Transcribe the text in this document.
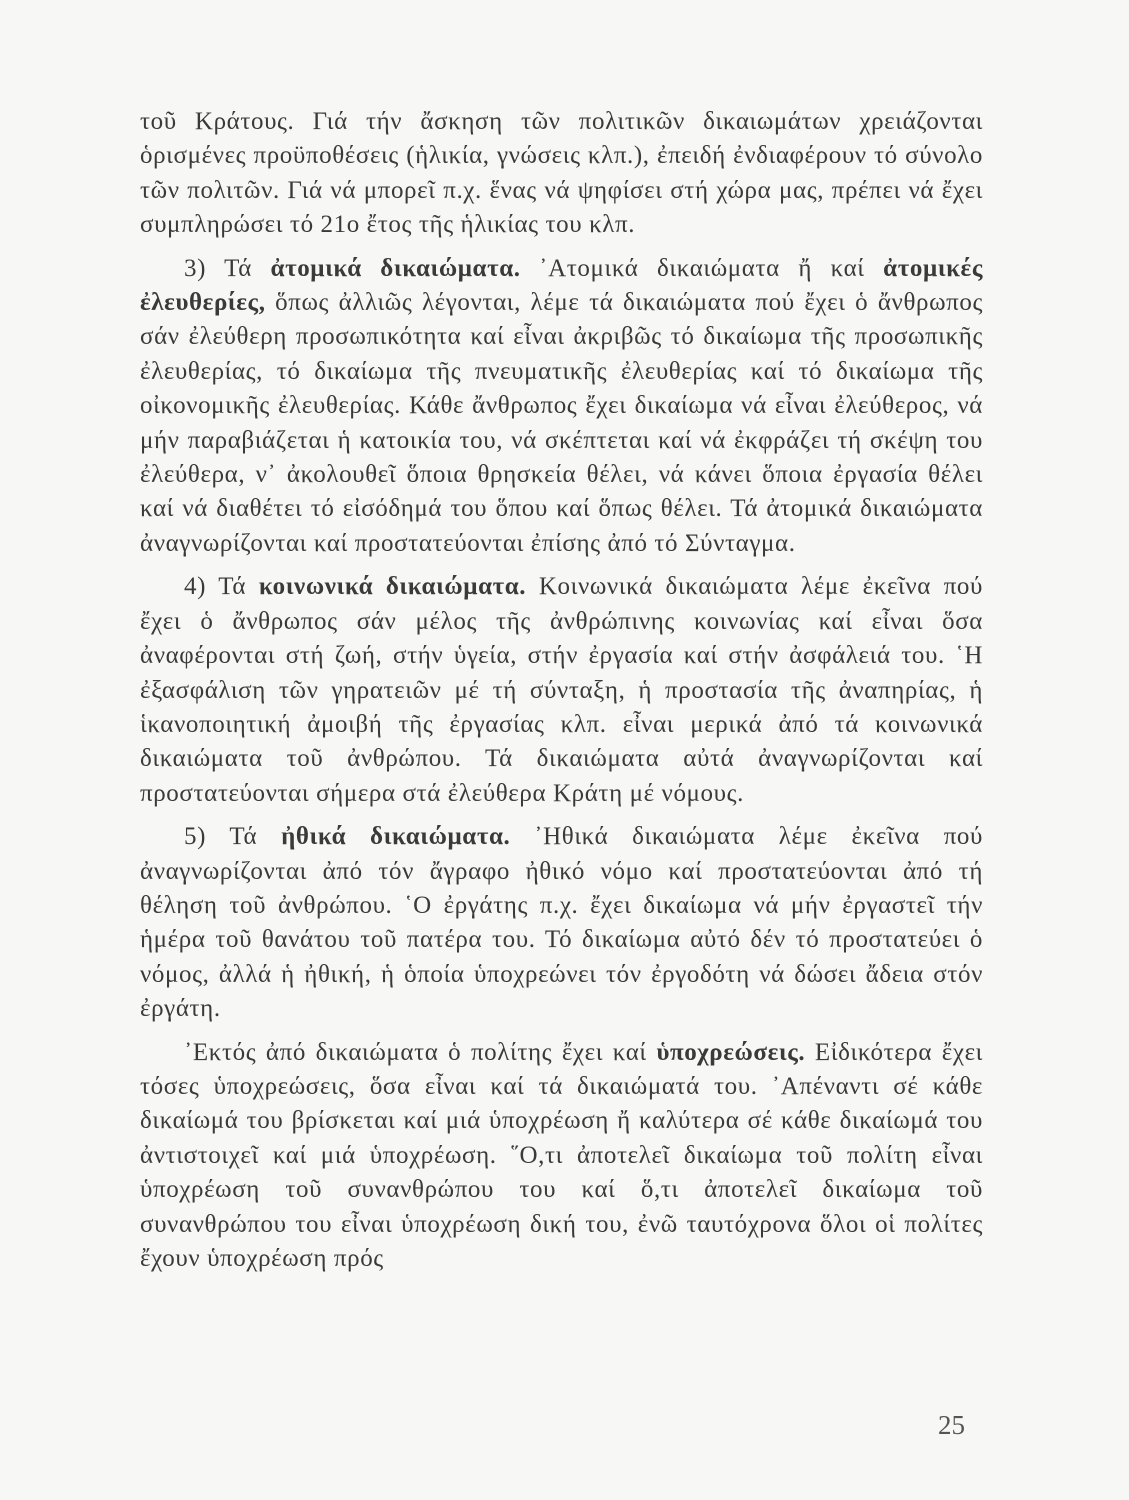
τοῦ Κράτους. Γιά τήν ἄσκηση τῶν πολιτικῶν δικαιωμάτων χρειάζονται ὁρισμένες προϋποθέσεις (ἡλικία, γνώσεις κλπ.), ἐπειδή ἐνδιαφέρουν τό σύνολο τῶν πολιτῶν. Γιά νά μπορεῖ π.χ. ἕνας νά ψηφίσει στή χώρα μας, πρέπει νά ἔχει συμπληρώσει τό 21ο ἔτος τῆς ἡλικίας του κλπ.

3) Τά ἀτομικά δικαιώματα. ᾿Ατομικά δικαιώματα ἤ καί ἀτομικές ἐλευθερίες, ὅπως ἀλλιῶς λέγονται, λέμε τά δικαιώματα πού ἔχει ὁ ἄνθρωπος σάν ἐλεύθερη προσωπικότητα καί εἶναι ἀκριβῶς τό δικαίωμα τῆς προσωπικῆς ἐλευθερίας, τό δικαίωμα τῆς πνευματικῆς ἐλευθερίας καί τό δικαίωμα τῆς οἰκονομικῆς ἐλευθερίας. Κάθε ἄνθρωπος ἔχει δικαίωμα νά εἶναι ἐλεύθερος, νά μήν παραβιάζεται ἡ κατοικία του, νά σκέπτεται καί νά ἐκφράζει τή σκέψη του ἐλεύθερα, ν᾿ ἀκολουθεῖ ὅποια θρησκεία θέλει, νά κάνει ὅποια ἐργασία θέλει καί νά διαθέτει τό εἰσόδημά του ὅπου καί ὅπως θέλει. Τά ἀτομικά δικαιώματα ἀναγνωρίζονται καί προστατεύονται ἐπίσης ἀπό τό Σύνταγμα.

4) Τά κοινωνικά δικαιώματα. Κοινωνικά δικαιώματα λέμε ἐκεῖνα πού ἔχει ὁ ἄνθρωπος σάν μέλος τῆς ἀνθρώπινης κοινωνίας καί εἶναι ὅσα ἀναφέρονται στή ζωή, στήν ὑγεία, στήν ἐργασία καί στήν ἀσφάλειά του. ῾Η ἐξασφάλιση τῶν γηρατειῶν μέ τή σύνταξη, ἡ προστασία τῆς ἀναπηρίας, ἡ ἱκανοποιητική ἀμοιβή τῆς ἐργασίας κλπ. εἶναι μερικά ἀπό τά κοινωνικά δικαιώματα τοῦ ἀνθρώπου. Τά δικαιώματα αὐτά ἀναγνωρίζονται καί προστατεύονται σήμερα στά ἐλεύθερα Κράτη μέ νόμους.

5) Τά ἠθικά δικαιώματα. ᾿Ηθικά δικαιώματα λέμε ἐκεῖνα πού ἀναγνωρίζονται ἀπό τόν ἄγραφο ἠθικό νόμο καί προστατεύονται ἀπό τή θέληση τοῦ ἀνθρώπου. ῾Ο ἐργάτης π.χ. ἔχει δικαίωμα νά μήν ἐργαστεῖ τήν ἡμέρα τοῦ θανάτου τοῦ πατέρα του. Τό δικαίωμα αὐτό δέν τό προστατεύει ὁ νόμος, ἀλλά ἡ ἠθική, ἡ ὁποία ὑποχρεώνει τόν ἐργοδότη νά δώσει ἄδεια στόν ἐργάτη.

᾿Εκτός ἀπό δικαιώματα ὁ πολίτης ἔχει καί ὑποχρεώσεις. Εἰδικότερα ἔχει τόσες ὑποχρεώσεις, ὅσα εἶναι καί τά δικαιώματά του. ᾿Απέναντι σέ κάθε δικαίωμά του βρίσκεται καί μιά ὑποχρέωση ἤ καλύτερα σέ κάθε δικαίωμά του ἀντιστοιχεῖ καί μιά ὑποχρέωση. ῞Ο,τι ἀποτελεῖ δικαίωμα τοῦ πολίτη εἶναι ὑποχρέωση τοῦ συνανθρώπου του καί ὅ,τι ἀποτελεῖ δικαίωμα τοῦ συνανθρώπου του εἶναι ὑποχρέωση δική του, ἐνῶ ταυτόχρονα ὅλοι οἱ πολίτες ἔχουν ὑποχρέωση πρός

25
